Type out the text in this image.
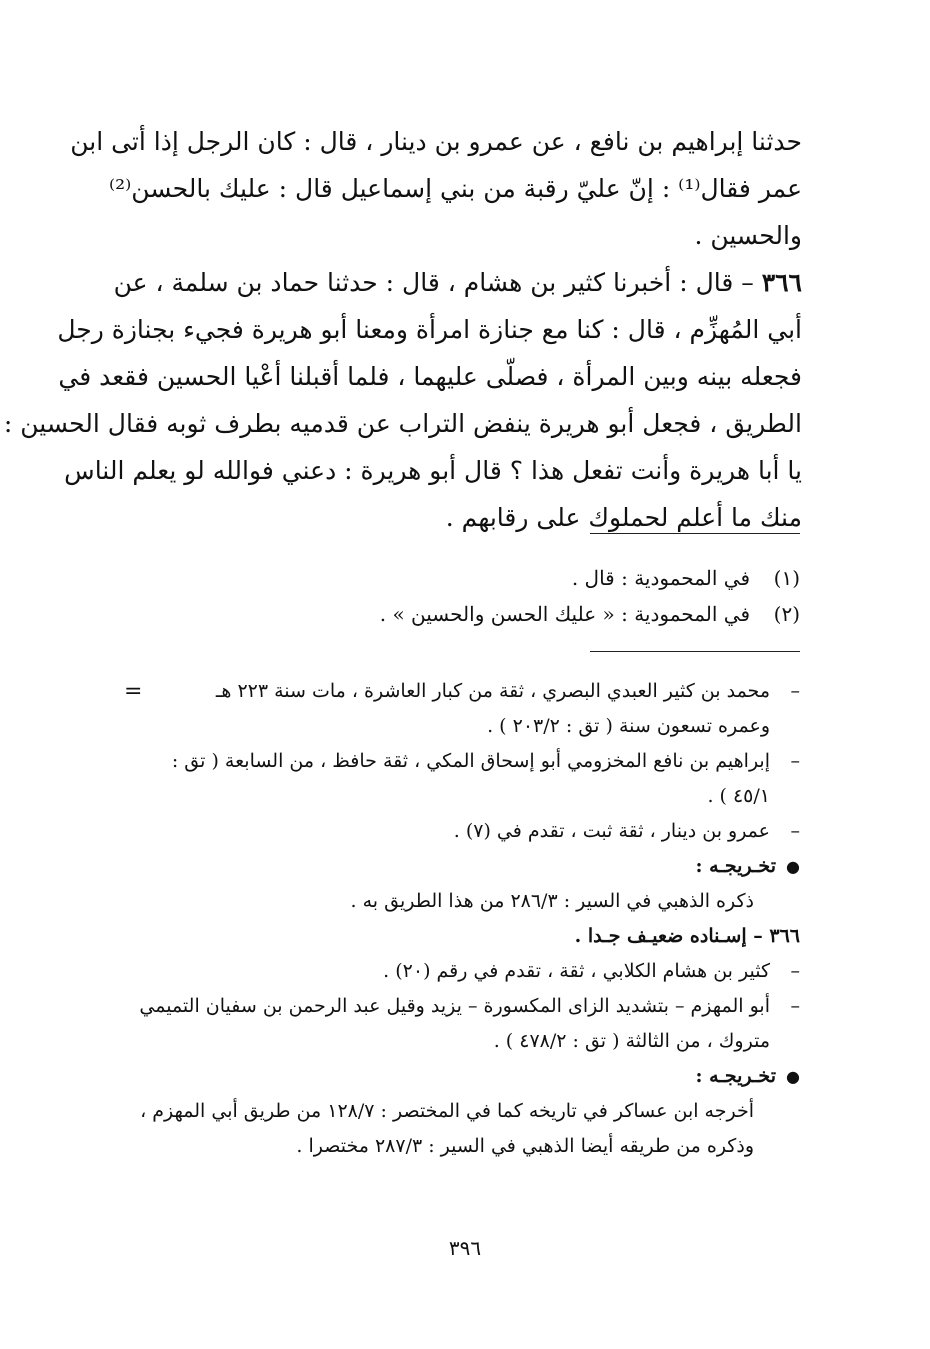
حدثنا إبراهيم بن نافع ، عن عمرو بن دينار ، قال : كان الرجل إذا أتى ابن
عمر فقال⁽¹⁾ : إنّ عليّ رقبة من بني إسماعيل قال : عليك بالحسن⁽²⁾
والحسين .
٣٦٦ – قال : أخبرنا كثير بن هشام ، قال : حدثنا حماد بن سلمة ، عن
أبي المُهزِّم ، قال : كنا مع جنازة امرأة ومعنا أبو هريرة فجيء بجنازة رجل
فجعله بينه وبين المرأة ، فصلّى عليهما ، فلما أقبلنا أعْيا الحسين فقعد في
الطريق ، فجعل أبو هريرة ينفض التراب عن قدميه بطرف ثوبه فقال الحسين :
يا أبا هريرة وأنت تفعل هذا ؟ قال أبو هريرة : دعني فوالله لو يعلم الناس
منك ما أعلم لحملوك على رقابهم .
(١)في المحمودية : قال .
(٢)في المحمودية : « عليك الحسن والحسين » .
–محمد بن كثير العبدي البصري ، ثقة من كبار العاشرة ، مات سنة ٢٢٣ هـ
=
وعمره تسعون سنة ( تق : ٢٠٣/٢ ) .
–إبراهيم بن نافع المخزومي أبو إسحاق المكي ، ثقة حافظ ، من السابعة ( تق :
٤٥/١ ) .
–عمرو بن دينار ، ثقة ثبت ، تقدم في (٧) .
●تخـريجـه :
ذكره الذهبي في السير : ٢٨٦/٣ من هذا الطريق به .
٣٦٦ – إسـناده ضعيـف جـدا .
–كثير بن هشام الكلابي ، ثقة ، تقدم في رقم (٢٠) .
–أبو المهزم – بتشديد الزاى المكسورة – يزيد وقيل عبد الرحمن بن سفيان التميمي
متروك ، من الثالثة ( تق : ٤٧٨/٢ ) .
●تخـريجـه :
أخرجه ابن عساكر في تاريخه كما في المختصر : ١٢٨/٧ من طريق أبي المهزم ،
وذكره من طريقه أيضا الذهبي في السير : ٢٨٧/٣ مختصرا .
٣٩٦
